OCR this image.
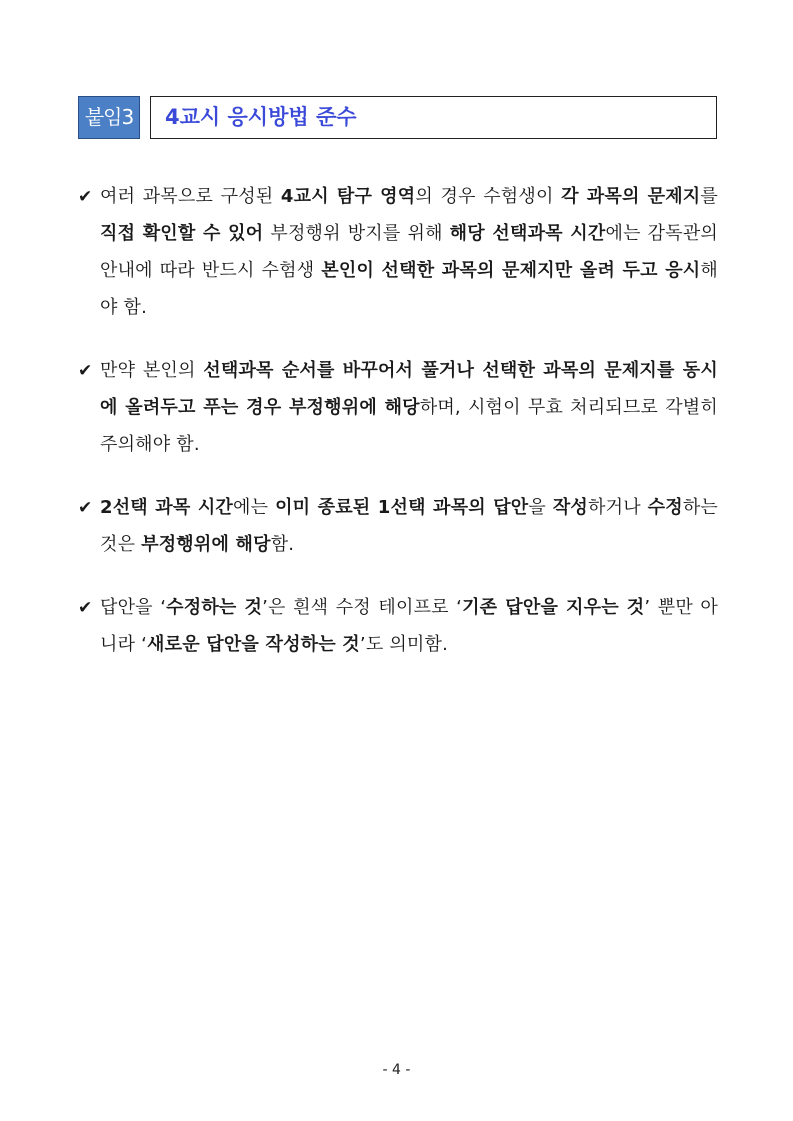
붙임3	4교시 응시방법 준수
✔ 여러 과목으로 구성된 4교시 탐구 영역의 경우 수험생이 각 과목의 문제지를 직접 확인할 수 있어 부정행위 방지를 위해 해당 선택과목 시간에는 감독관의 안내에 따라 반드시 수험생 본인이 선택한 과목의 문제지만 올려 두고 응시해야 함.
✔ 만약 본인의 선택과목 순서를 바꾸어서 풀거나 선택한 과목의 문제지를 동시에 올려두고 푸는 경우 부정행위에 해당하며, 시험이 무효 처리되므로 각별히 주의해야 함.
✔ 2선택 과목 시간에는 이미 종료된 1선택 과목의 답안을 작성하거나 수정하는 것은 부정행위에 해당함.
✔ 답안을 ‘수정하는 것’은 흰색 수정 테이프로 ‘기존 답안을 지우는 것’ 뿐만 아니라 ‘새로운 답안을 작성하는 것’도 의미함.
- 4 -
